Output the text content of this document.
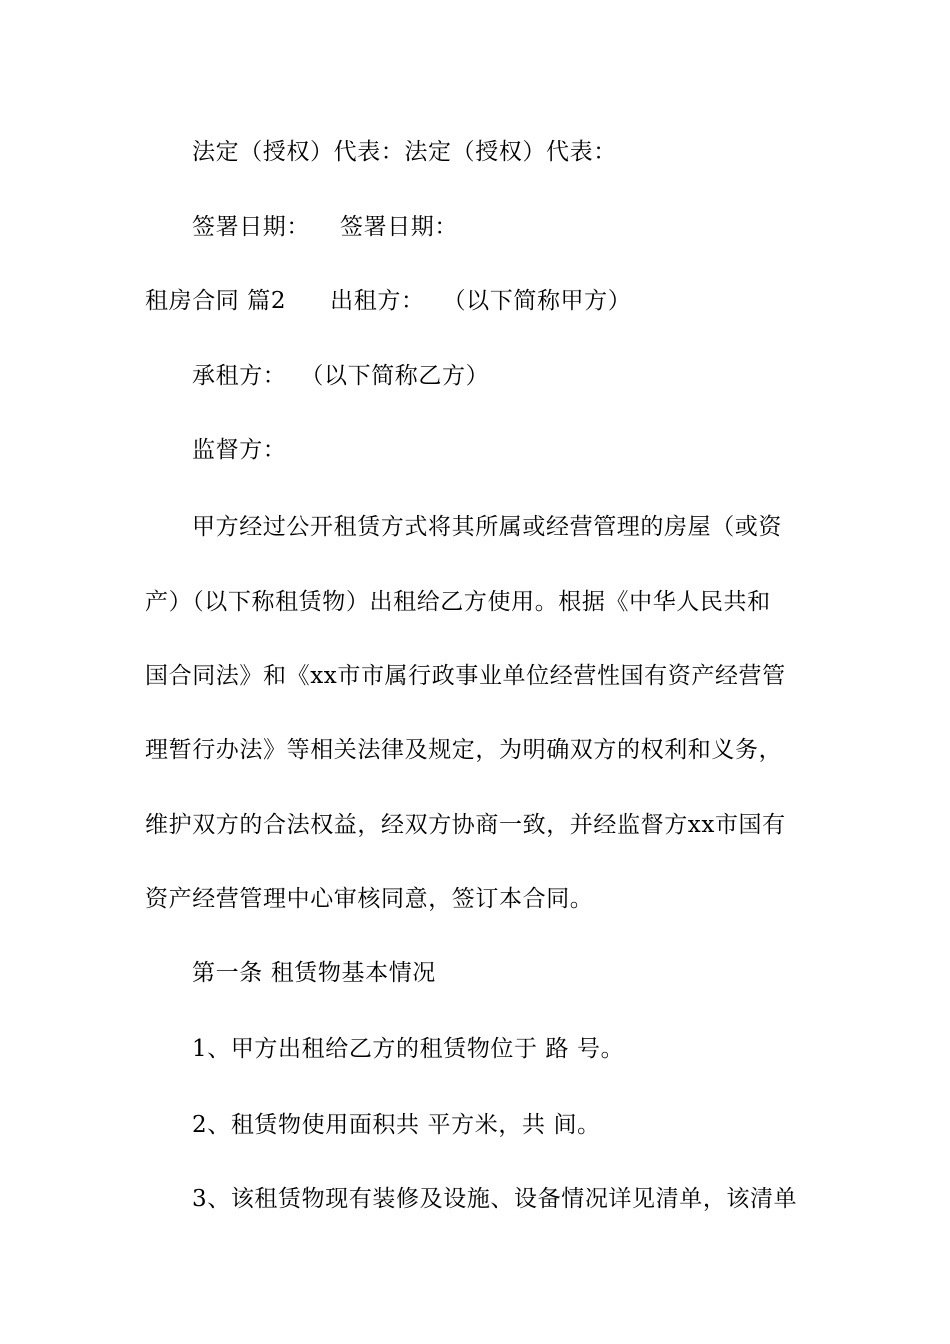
法定（授权）代表：法定（授权）代表：
签署日期： 签署日期：
租房合同 篇2 出租方： （以下简称甲方）
承租方： （以下简称乙方）
监督方：
甲方经过公开租赁方式将其所属或经营管理的房屋（或资
产）（以下称租赁物）出租给乙方使用。根据《中华人民共和
国合同法》和《xx市市属行政事业单位经营性国有资产经营管
理暂行办法》等相关法律及规定，为明确双方的权利和义务，
维护双方的合法权益，经双方协商一致，并经监督方xx市国有
资产经营管理中心审核同意，签订本合同。
第一条 租赁物基本情况
1、甲方出租给乙方的租赁物位于 路 号。
2、租赁物使用面积共 平方米，共 间。
3、该租赁物现有装修及设施、设备情况详见清单，该清单
